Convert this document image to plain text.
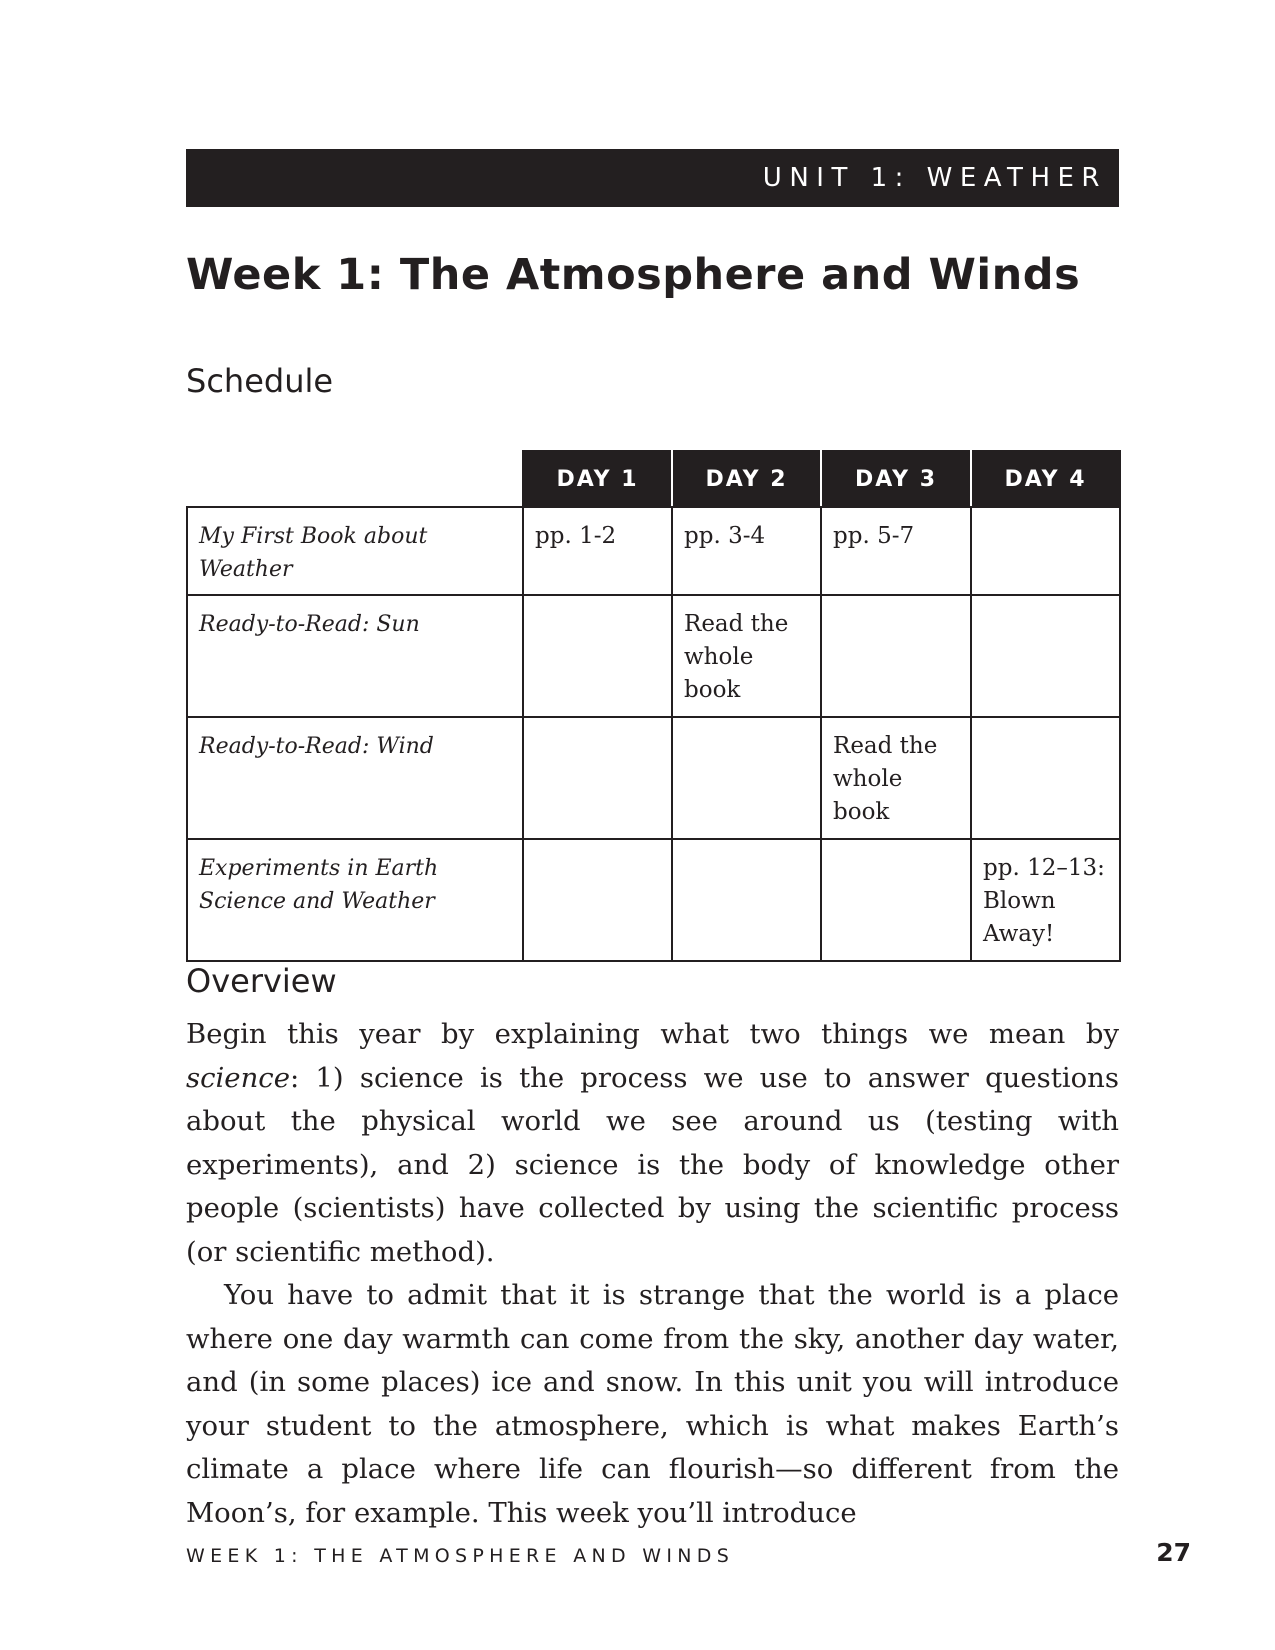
UNIT 1: WEATHER
Week 1: The Atmosphere and Winds
Schedule
	DAY 1	DAY 2	DAY 3	DAY 4
My First Book about Weather	pp. 1-2	pp. 3-4	pp. 5-7	
Ready-to-Read: Sun		Read the whole book		
Ready-to-Read: Wind			Read the whole book	
Experiments in Earth Science and Weather				pp. 12–13: Blown Away!
Overview

Begin this year by explaining what two things we mean by science: 1) science is the process we use to answer questions about the physical world we see around us (testing with experiments), and 2) science is the body of knowledge other people (scientists) have collected by using the scientific process (or scientific method).

You have to admit that it is strange that the world is a place where one day warmth can come from the sky, another day water, and (in some places) ice and snow. In this unit you will introduce your student to the atmosphere, which is what makes Earth’s climate a place where life can flourish—so different from the Moon’s, for example. This week you’ll introduce

WEEK 1: THE ATMOSPHERE AND WINDS	27
